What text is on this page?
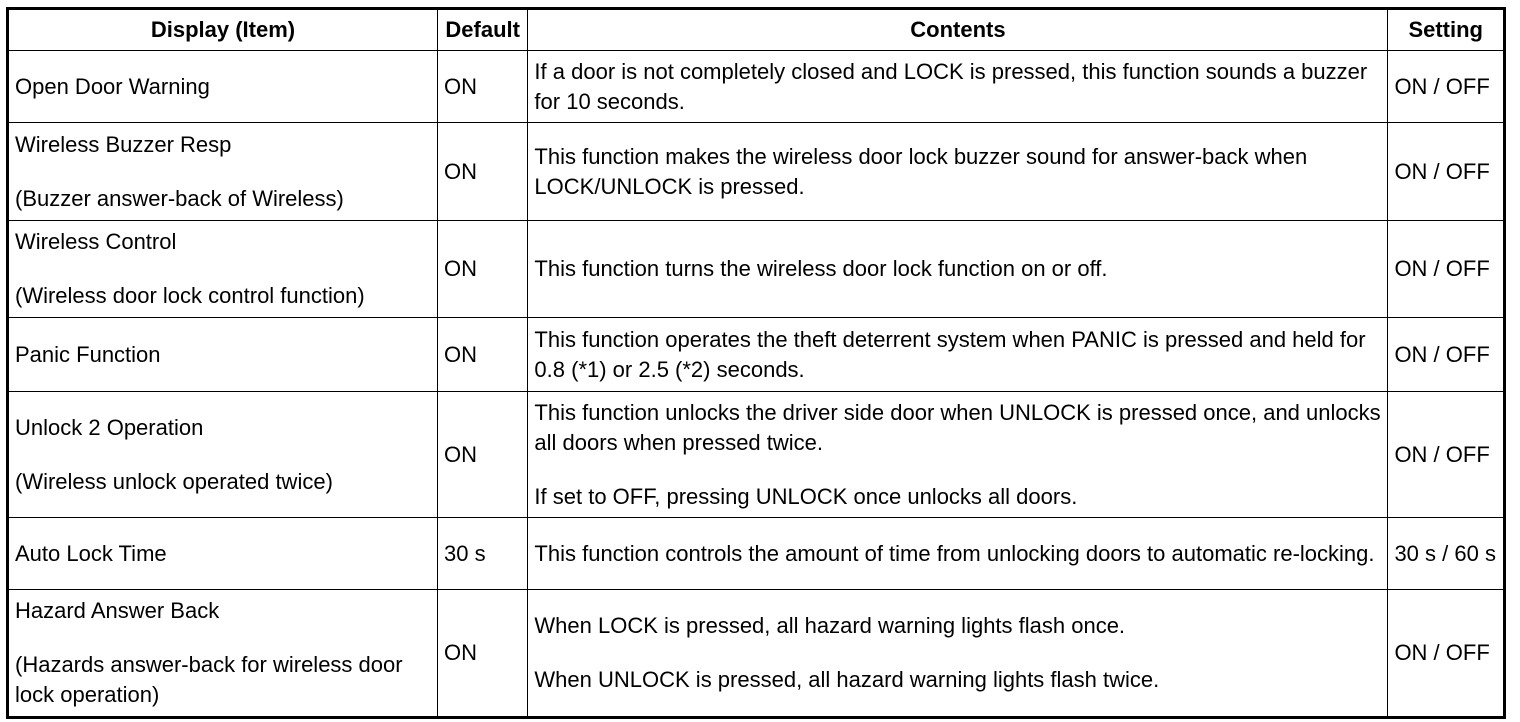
Display (Item)	Default	Contents	Setting

Open Door Warning	ON	If a door is not completely closed and LOCK is pressed, this function sounds a buzzer for 10 seconds.	ON / OFF

Wireless Buzzer Resp
(Buzzer answer-back of Wireless)	ON	This function makes the wireless door lock buzzer sound for answer-back when LOCK/UNLOCK is pressed.	ON / OFF

Wireless Control
(Wireless door lock control function)	ON	This function turns the wireless door lock function on or off.	ON / OFF

Panic Function	ON	This function operates the theft deterrent system when PANIC is pressed and held for 0.8 (*1) or 2.5 (*2) seconds.	ON / OFF

Unlock 2 Operation
(Wireless unlock operated twice)	ON	This function unlocks the driver side door when UNLOCK is pressed once, and unlocks all doors when pressed twice.
If set to OFF, pressing UNLOCK once unlocks all doors.	ON / OFF

Auto Lock Time	30 s	This function controls the amount of time from unlocking doors to automatic re-locking.	30 s / 60 s

Hazard Answer Back
(Hazards answer-back for wireless door lock operation)	ON	When LOCK is pressed, all hazard warning lights flash once.
When UNLOCK is pressed, all hazard warning lights flash twice.	ON / OFF
